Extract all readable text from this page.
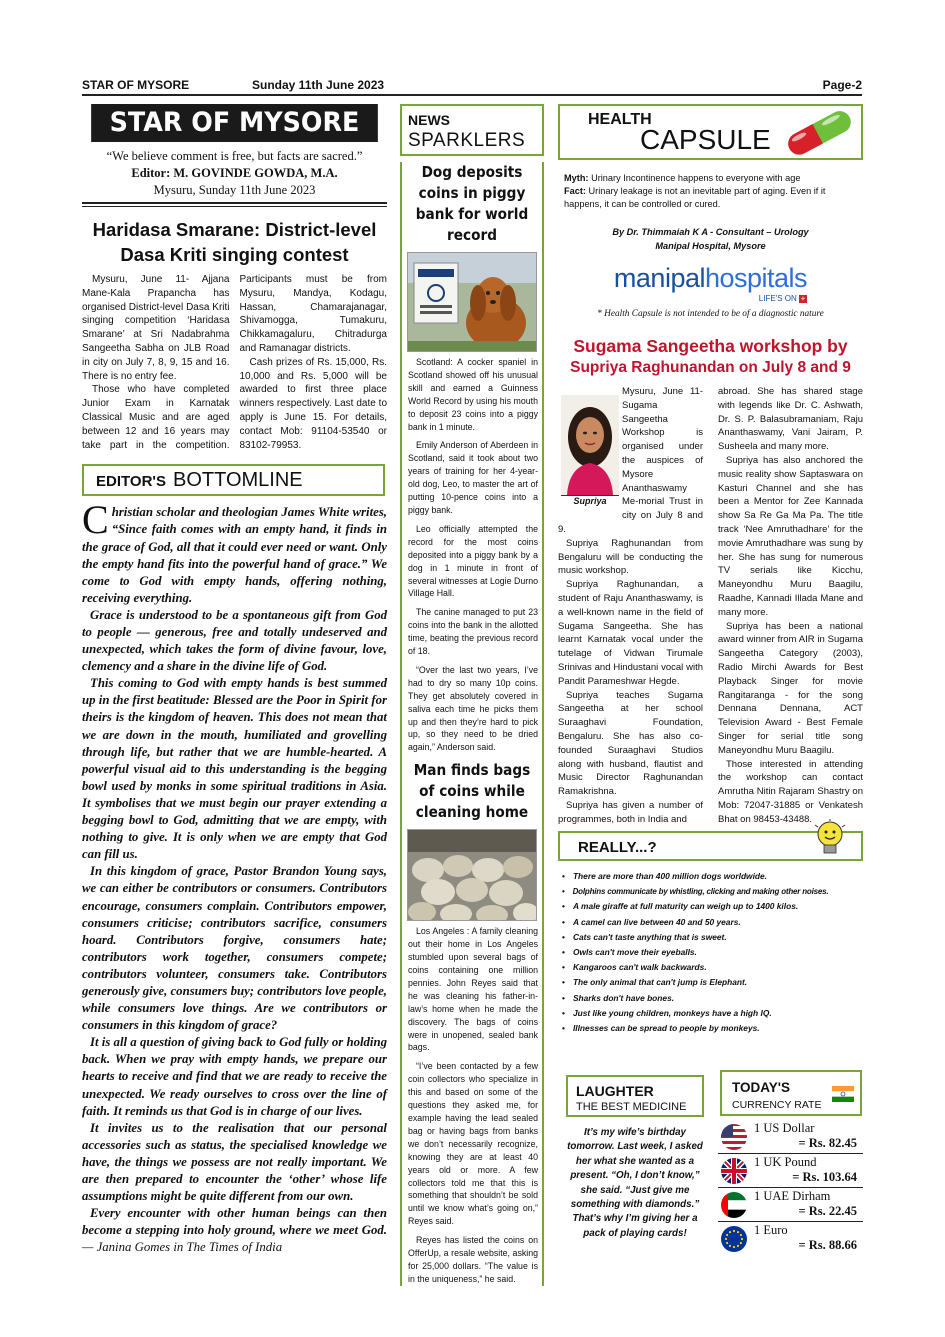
STAR OF MYSORE	Sunday 11th June 2023	Page-2
STAR OF MYSORE
“We believe comment is free, but facts are sacred.”
Editor: M. GOVINDE GOWDA, M.A.
Mysuru, Sunday 11th June 2023
Haridasa Smarane: District-level
Dasa Kriti singing contest

Mysuru, June 11- Ajjana Mane-Kala Prapancha has organised District-level Dasa Kriti singing competition ‘Haridasa Smarane’ at Sri Nadabrahma Sangeetha Sabha on JLB Road in city on July 7, 8, 9, 15 and 16. There is no entry fee.

Those who have completed Junior Exam in Karnatak Classical Music and are aged between 12 and 16 years may take part in the competition. Participants must be from Mysuru, Mandya, Kodagu, Hassan, Chamarajanagar, Shivamogga, Tumakuru, Chikkamagaluru, Chitradurga and Ramanagar districts.

Cash prizes of Rs. 15,000, Rs. 10,000 and Rs. 5,000 will be awarded to first three place winners respectively. Last date to apply is June 15. For details, contact Mob: 91104-53540 or 83102-79953.

EDITOR'S BOTTOMLINE

Christian scholar and theologian James White writes, “Since faith comes with an empty hand, it finds in the grace of God, all that it could ever need or want. Only the empty hand fits into the powerful hand of grace.” We come to God with empty hands, offering nothing, receiving everything.

Grace is understood to be a spontaneous gift from God to people — generous, free and totally undeserved and unexpected, which takes the form of divine favour, love, clemency and a share in the divine life of God.

This coming to God with empty hands is best summed up in the first beatitude: Blessed are the Poor in Spirit for theirs is the kingdom of heaven. This does not mean that we are down in the mouth, humiliated and grovelling through life, but rather that we are humble-hearted. A powerful visual aid to this understanding is the begging bowl used by monks in some spiritual traditions in Asia. It symbolises that we must begin our prayer extending a begging bowl to God, admitting that we are empty, with nothing to give. It is only when we are empty that God can fill us.

In this kingdom of grace, Pastor Brandon Young says, we can either be contributors or consumers. Contributors encourage, consumers complain. Contributors empower, consumers criticise; contributors sacrifice, consumers hoard. Contributors forgive, consumers hate; contributors work together, consumers compete; contributors volunteer, consumers take. Contributors generously give, consumers buy; contributors love people, while consumers love things. Are we contributors or consumers in this kingdom of grace?

It is all a question of giving back to God fully or holding back. When we pray with empty hands, we prepare our hearts to receive and find that we are ready to receive the unexpected. We ready ourselves to cross over the line of faith. It reminds us that God is in charge of our lives.

It invites us to the realisation that our personal accessories such as status, the specialised knowledge we have, the things we possess are not really important. We are then prepared to encounter the ‘other’ whose life assumptions might be quite different from our own.

Every encounter with other human beings can then become a stepping into holy ground, where we meet God. — Janina Gomes in The Times of India

NEWS
SPARKLERS
Dog deposits coins in piggy bank for world record

Scotland: A cocker spaniel in Scotland showed off his unusual skill and earned a Guinness World Record by using his mouth to deposit 23 coins into a piggy bank in 1 minute.

Emily Anderson of Aberdeen in Scotland, said it took about two years of training for her 4-year-old dog, Leo, to master the art of putting 10-pence coins into a piggy bank.

Leo officially attempted the record for the most coins deposited into a piggy bank by a dog in 1 minute in front of several witnesses at Logie Durno Village Hall.

The canine managed to put 23 coins into the bank in the allotted time, beating the previous record of 18.

“Over the last two years, I’ve had to dry so many 10p coins. They get absolutely covered in saliva each time he picks them up and then they’re hard to pick up, so they need to be dried again,” Anderson said.

Man finds bags of coins while cleaning home

Los Angeles : A family cleaning out their home in Los Angeles stumbled upon several bags of coins containing one million pennies. John Reyes said that he was cleaning his father-in-law’s home when he made the discovery. The bags of coins were in unopened, sealed bank bags.

“I’ve been contacted by a few coin collectors who specialize in this and based on some of the questions they asked me, for example having the lead sealed bag or having bags from banks we don’t necessarily recognize, knowing they are at least 40 years old or more. A few collectors told me that this is something that shouldn’t be sold until we know what’s going on,” Reyes said.

Reyes has listed the coins on OfferUp, a resale website, asking for 25,000 dollars. “The value is in the uniqueness,” he said.

HEALTH
CAPSULE
Myth: Urinary Incontinence happens to everyone with age
Fact: Urinary leakage is not an inevitable part of aging. Even if it happens, it can be controlled or cured.
By Dr. Thimmaiah K A - Consultant – Urology
Manipal Hospital, Mysore
manipalhospitals
LIFE'S ON +
* Health Capsule is not intended to be of a diagnostic nature
Sugama Sangeetha workshop by
Supriya Raghunandan on July 8 and 9

Mysuru, June 11- Sugama Sangeetha Workshop is organised under the auspices of Mysore Ananthaswamy Me-morial Trust in city on July 8 and 9.

Supriya Raghunandan from Bengaluru will be conducting the music workshop.

Supriya Raghunandan, a student of Raju Ananthaswamy, is a well-known name in the field of Sugama Sangeetha. She has learnt Karnatak vocal under the tutelage of Vidwan Tirumale Srinivas and Hindustani vocal with Pandit Parameshwar Hegde.

Supriya teaches Sugama Sangeetha at her school Suraaghavi Foundation, Bengaluru. She has also co-founded Suraaghavi Studios along with husband, flautist and Music Director Raghunandan Ramakrishna.

Supriya has given a number of programmes, both in India and

Supriya

abroad. She has shared stage with legends like Dr. C. Ashwath, Dr. S. P. Balasubramaniam, Raju Ananthaswamy, Vani Jairam, P. Susheela and many more.

Supriya has also anchored the music reality show Saptaswara on Kasturi Channel and she has been a Mentor for Zee Kannada show Sa Re Ga Ma Pa. The title track ‘Nee Amruthadhare’ for the movie Amruthadhare was sung by her. She has sung for numerous TV serials like Kicchu, Maneyondhu Muru Baagilu, Raadhe, Kannadi Illada Mane and many more.

Supriya has been a national award winner from AIR in Sugama Sangeetha Category (2003), Radio Mirchi Awards for Best Playback Singer for movie Rangitaranga - for the song Dennana Dennana, ACT Television Award - Best Female Singer for serial title song Maneyondhu Muru Baagilu.

Those interested in attending the workshop can contact Amrutha Nitin Rajaram Shastry on Mob: 72047-31885 or Venkatesh Bhat on 98453-43488.

REALLY...?
• There are more than 400 million dogs worldwide.
• Dolphins communicate by whistling, clicking and making other noises.
• A male giraffe at full maturity can weigh up to 1400 kilos.
• A camel can live between 40 and 50 years.
• Cats can't taste anything that is sweet.
• Owls can't move their eyeballs.
• Kangaroos can't walk backwards.
• The only animal that can't jump is Elephant.
• Sharks don't have bones.
• Just like young children, monkeys have a high IQ.
• Illnesses can be spread to people by monkeys.
LAUGHTER
THE BEST MEDICINE
It’s my wife’s birthday tomorrow. Last week, I asked her what she wanted as a present. “Oh, I don’t know,” she said. “Just give me something with diamonds.” That’s why I’m giving her a pack of playing cards!
TODAY'S
CURRENCY RATE
1 US Dollar
= Rs. 82.45
1 UK Pound
= Rs. 103.64
1 UAE Dirham
= Rs. 22.45
1 Euro
= Rs. 88.66
